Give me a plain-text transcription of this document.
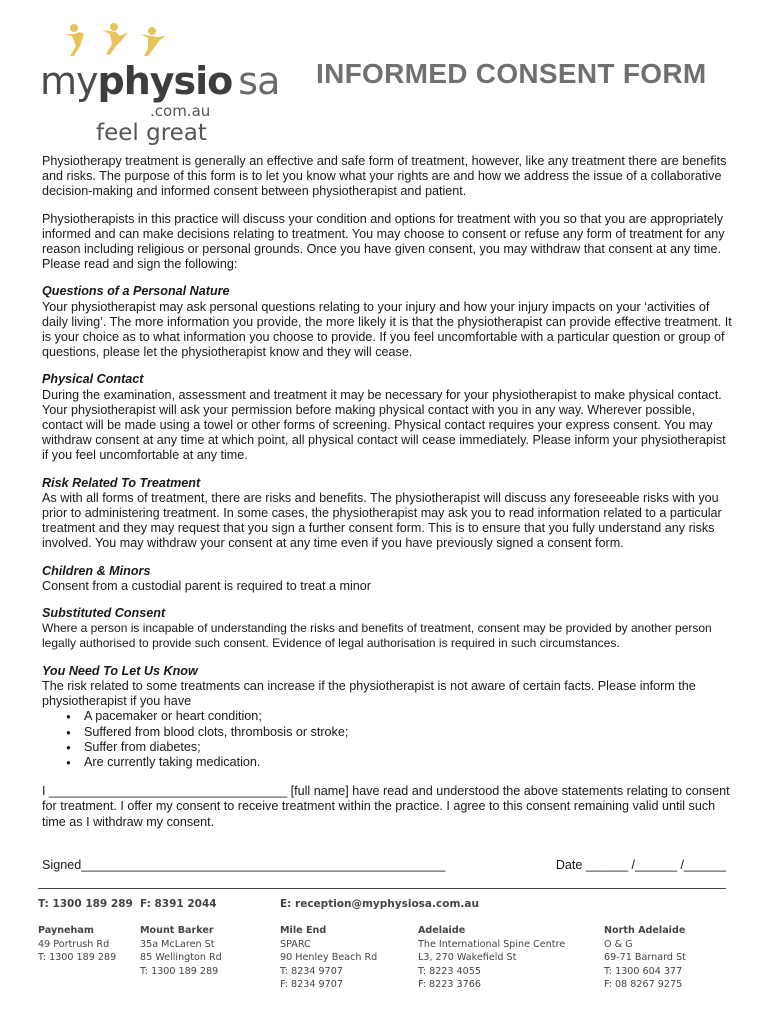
myphysio sa
.com.au
feel great
INFORMED CONSENT FORM

Physiotherapy treatment is generally an effective and safe form of treatment, however, like any treatment there are benefits and risks. The purpose of this form is to let you know what your rights are and how we address the issue of a collaborative decision-making and informed consent between physiotherapist and patient.

Physiotherapists in this practice will discuss your condition and options for treatment with you so that you are appropriately informed and can make decisions relating to treatment. You may choose to consent or refuse any form of treatment for any reason including religious or personal grounds. Once you have given consent, you may withdraw that consent at any time. Please read and sign the following:

Questions of a Personal Nature

Your physiotherapist may ask personal questions relating to your injury and how your injury impacts on your ‘activities of daily living’. The more information you provide, the more likely it is that the physiotherapist can provide effective treatment. It is your choice as to what information you choose to provide. If you feel uncomfortable with a particular question or group of questions, please let the physiotherapist know and they will cease.

Physical Contact

During the examination, assessment and treatment it may be necessary for your physiotherapist to make physical contact. Your physiotherapist will ask your permission before making physical contact with you in any way. Wherever possible, contact will be made using a towel or other forms of screening. Physical contact requires your express consent. You may withdraw consent at any time at which point, all physical contact will cease immediately. Please inform your physiotherapist if you feel uncomfortable at any time.

Risk Related To Treatment

As with all forms of treatment, there are risks and benefits. The physiotherapist will discuss any foreseeable risks with you prior to administering treatment. In some cases, the physiotherapist may ask you to read information related to a particular treatment and they may request that you sign a further consent form. This is to ensure that you fully understand any risks involved. You may withdraw your consent at any time even if you have previously signed a consent form.

Children & Minors

Consent from a custodial parent is required to treat a minor

Substituted Consent

Where a person is incapable of understanding the risks and benefits of treatment, consent may be provided by another person legally authorised to provide such consent. Evidence of legal authorisation is required in such circumstances.

You Need To Let Us Know

The risk related to some treatments can increase if the physiotherapist is not aware of certain facts. Please inform the physiotherapist if you have

● A pacemaker or heart condition;
● Suffered from blood clots, thrombosis or stroke;
● Suffer from diabetes;
● Are currently taking medication.

I __________________________________ [full name] have read and understood the above statements relating to consent for treatment. I offer my consent to receive treatment within the practice. I agree to this consent remaining valid until such time as I withdraw my consent.

Signed____________________________________________________	Date ______ /______ /______
T: 1300 189 289 F: 8391 2044	E: reception@myphysiosa.com.au
Payneham
49 Portrush Rd
T: 1300 189 289
Mount Barker
35a McLaren St
85 Wellington Rd
T: 1300 189 289
Mile End
SPARC
90 Henley Beach Rd
T: 8234 9707
F: 8234 9707
Adelaide
The International Spine Centre
L3, 270 Wakefield St
T: 8223 4055
F: 8223 3766
North Adelaide
O & G
69-71 Barnard St
T: 1300 604 377
F: 08 8267 9275
